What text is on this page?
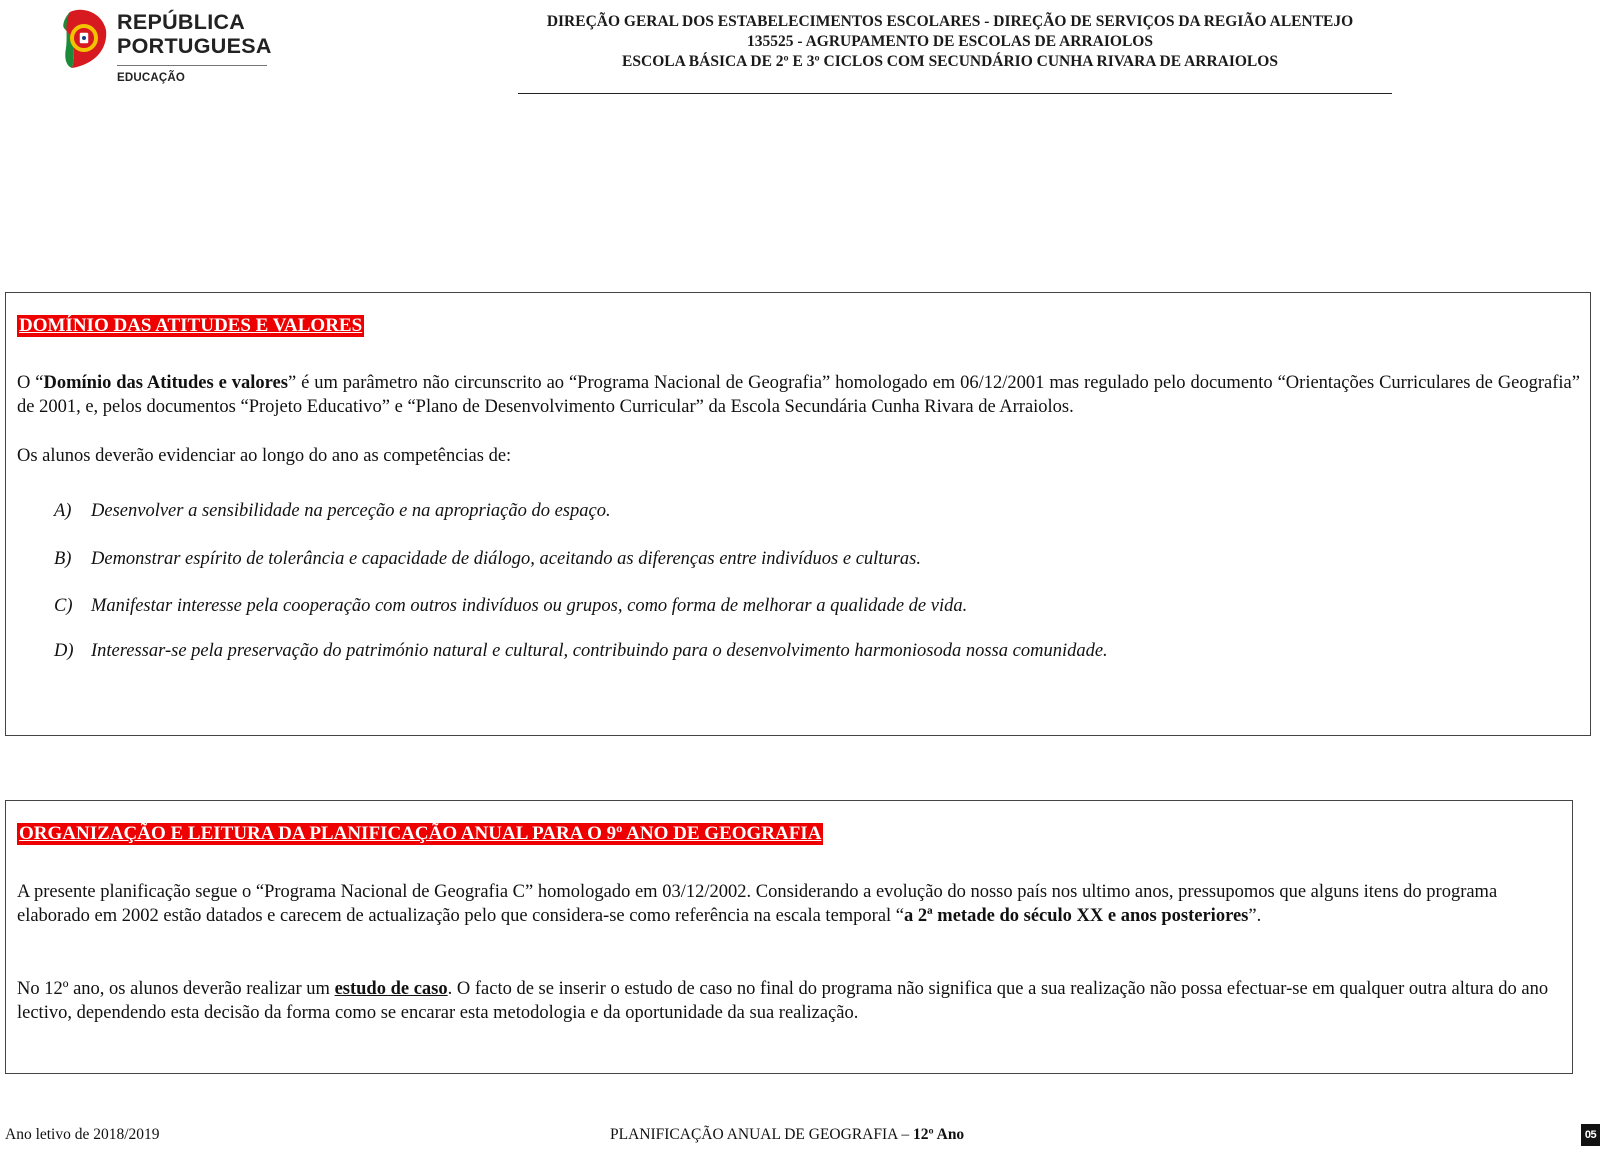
REPÚBLICA
PORTUGUESA
EDUCAÇÃO
DIREÇÃO GERAL DOS ESTABELECIMENTOS ESCOLARES - DIREÇÃO DE SERVIÇOS DA REGIÃO ALENTEJO
135525 - AGRUPAMENTO DE ESCOLAS DE ARRAIOLOS
ESCOLA BÁSICA DE 2º E 3º CICLOS COM SECUNDÁRIO CUNHA RIVARA DE ARRAIOLOS
DOMÍNIO DAS ATITUDES E VALORES
O “Domínio das Atitudes e valores” é um parâmetro não circunscrito ao “Programa Nacional de Geografia” homologado em 06/12/2001 mas regulado pelo documento “Orientações Curriculares de Geografia” de 2001, e, pelos documentos “Projeto Educativo” e “Plano de Desenvolvimento Curricular” da Escola Secundária Cunha Rivara de Arraiolos.
Os alunos deverão evidenciar ao longo do ano as competências de:
A) Desenvolver a sensibilidade na perceção e na apropriação do espaço.
B) Demonstrar espírito de tolerância e capacidade de diálogo, aceitando as diferenças entre indivíduos e culturas.
C) Manifestar interesse pela cooperação com outros indivíduos ou grupos, como forma de melhorar a qualidade de vida.
D) Interessar-se pela preservação do património natural e cultural, contribuindo para o desenvolvimento harmoniosoda nossa comunidade.
ORGANIZAÇÃO E LEITURA DA PLANIFICAÇÃO ANUAL PARA O 9º ANO DE GEOGRAFIA
A presente planificação segue o “Programa Nacional de Geografia C” homologado em 03/12/2002. Considerando a evolução do nosso país nos ultimo anos, pressupomos que alguns itens do programa elaborado em 2002 estão datados e carecem de actualização pelo que considera-se como referência na escala temporal “a 2ª metade do século XX e anos posteriores”.
No 12º ano, os alunos deverão realizar um estudo de caso. O facto de se inserir o estudo de caso no final do programa não significa que a sua realização não possa efectuar-se em qualquer outra altura do ano lectivo, dependendo esta decisão da forma como se encarar esta metodologia e da oportunidade da sua realização.
Ano letivo de 2018/2019	PLANIFICAÇÃO ANUAL DE GEOGRAFIA – 12º Ano	05
